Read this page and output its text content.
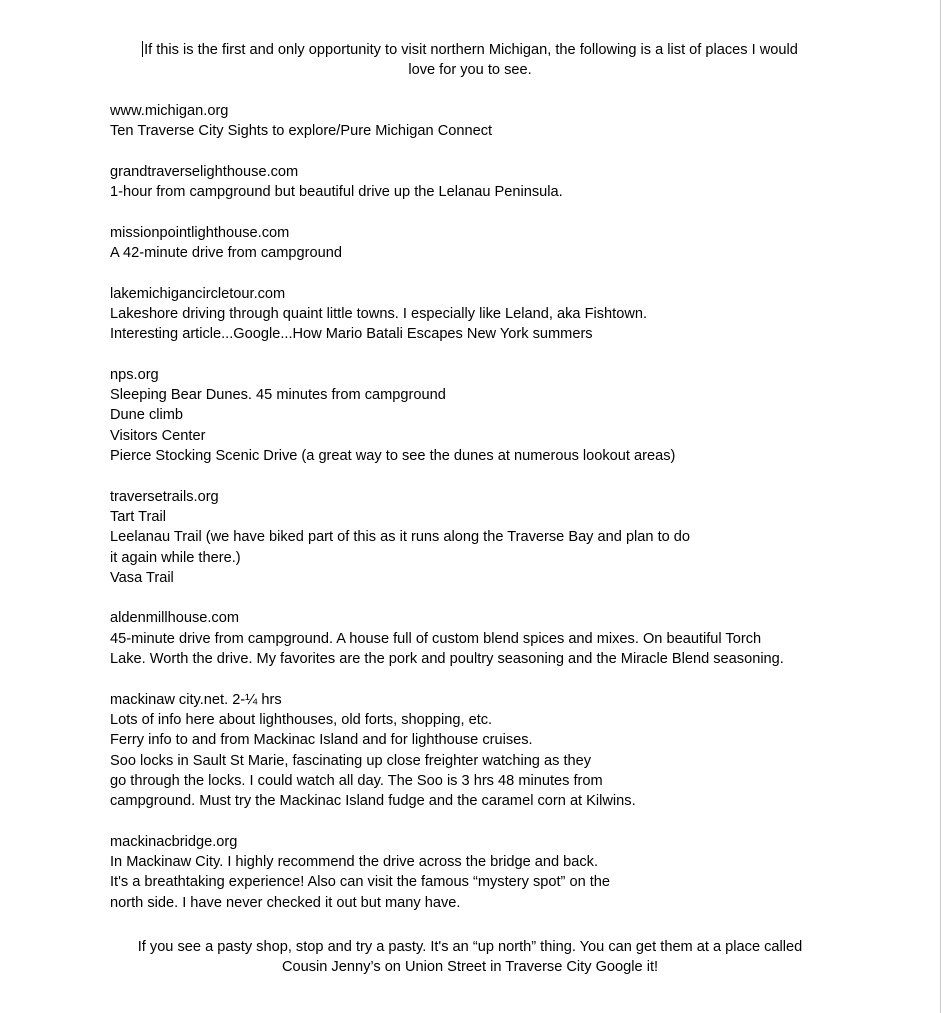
If this is the first and only opportunity to visit northern Michigan, the following is a list of places I would
love for you to see.
www.michigan.org
Ten Traverse City Sights to explore/Pure Michigan Connect
grandtraverselighthouse.com
1-hour from campground but beautiful drive up the Lelanau Peninsula.
missionpointlighthouse.com
A 42-minute drive from campground
lakemichigancircletour.com
Lakeshore driving through quaint little towns. I especially like Leland, aka Fishtown.
Interesting article...Google...How Mario Batali Escapes New York summers
nps.org
Sleeping Bear Dunes. 45 minutes from campground
Dune climb
Visitors Center
Pierce Stocking Scenic Drive (a great way to see the dunes at numerous lookout areas)
traversetrails.org
Tart Trail
Leelanau Trail (we have biked part of this as it runs along the Traverse Bay and plan to do
it again while there.)
Vasa Trail
aldenmillhouse.com
45-minute drive from campground. A house full of custom blend spices and mixes. On beautiful Torch
Lake. Worth the drive. My favorites are the pork and poultry seasoning and the Miracle Blend seasoning.
mackinaw city.net. 2-¼ hrs
Lots of info here about lighthouses, old forts, shopping, etc.
Ferry info to and from Mackinac Island and for lighthouse cruises.
Soo locks in Sault St Marie, fascinating up close freighter watching as they
go through the locks. I could watch all day. The Soo is 3 hrs 48 minutes from
campground. Must try the Mackinac Island fudge and the caramel corn at Kilwins.
mackinacbridge.org
In Mackinaw City. I highly recommend the drive across the bridge and back.
It's a breathtaking experience! Also can visit the famous “mystery spot” on the
north side. I have never checked it out but many have.
If you see a pasty shop, stop and try a pasty. It's an “up north” thing. You can get them at a place called
Cousin Jenny’s on Union Street in Traverse City Google it!
